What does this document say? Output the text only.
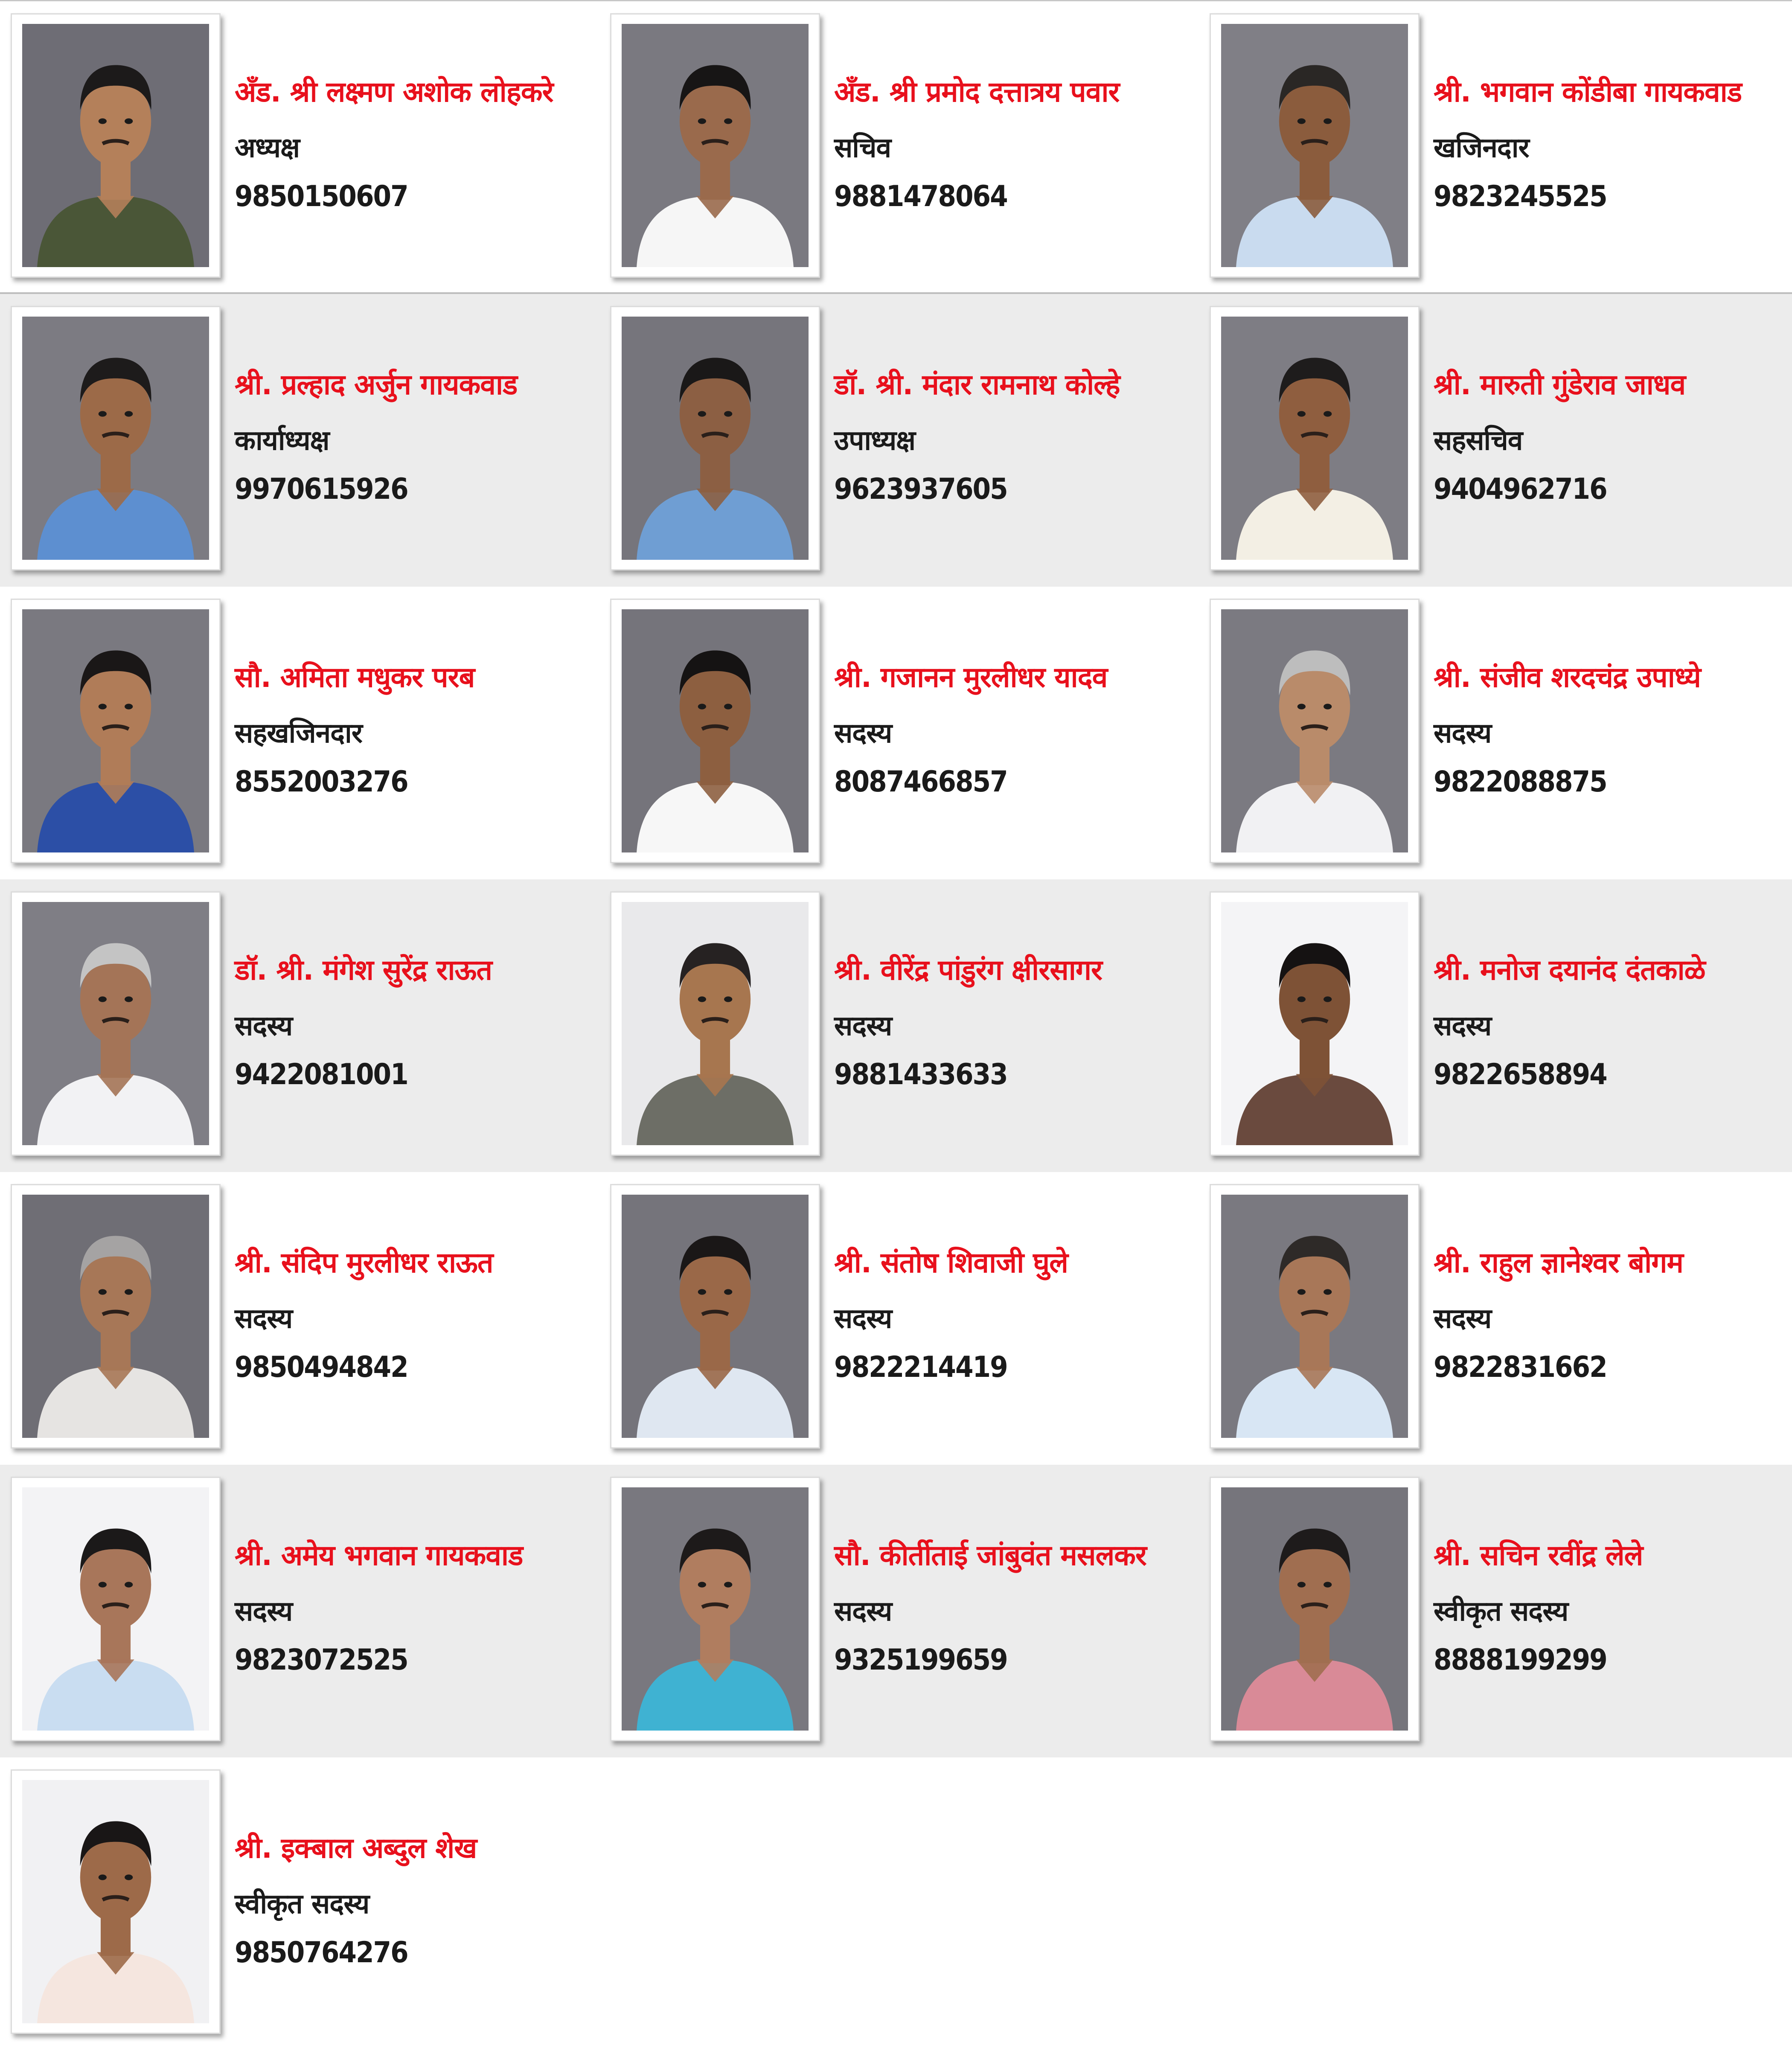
अँड. श्री लक्ष्मण अशोक लोहकरे
अध्यक्ष
9850150607
अँड. श्री प्रमोद दत्तात्रय पवार
सचिव
9881478064
श्री. भगवान कोंडीबा गायकवाड
खजिनदार
9823245525
श्री. प्रल्हाद अर्जुन गायकवाड
कार्याध्यक्ष
9970615926
डॉ. श्री. मंदार रामनाथ कोल्हे
उपाध्यक्ष
9623937605
श्री. मारुती गुंडेराव जाधव
सहसचिव
9404962716
सौ. अमिता मधुकर परब
सहखजिनदार
8552003276
श्री. गजानन मुरलीधर यादव
सदस्य
8087466857
श्री. संजीव शरदचंद्र उपाध्ये
सदस्य
9822088875
डॉ. श्री. मंगेश सुरेंद्र राऊत
सदस्य
9422081001
श्री. वीरेंद्र पांडुरंग क्षीरसागर
सदस्य
9881433633
श्री. मनोज दयानंद दंतकाळे
सदस्य
9822658894
श्री. संदिप मुरलीधर राऊत
सदस्य
9850494842
श्री. संतोष शिवाजी घुले
सदस्य
9822214419
श्री. राहुल ज्ञानेश्वर बोगम
सदस्य
9822831662
श्री. अमेय भगवान गायकवाड
सदस्य
9823072525
सौ. कीर्तीताई जांबुवंत मसलकर
सदस्य
9325199659
श्री. सचिन रवींद्र लेले
स्वीकृत सदस्य
8888199299
श्री. इक्बाल अब्दुल शेख
स्वीकृत सदस्य
9850764276
